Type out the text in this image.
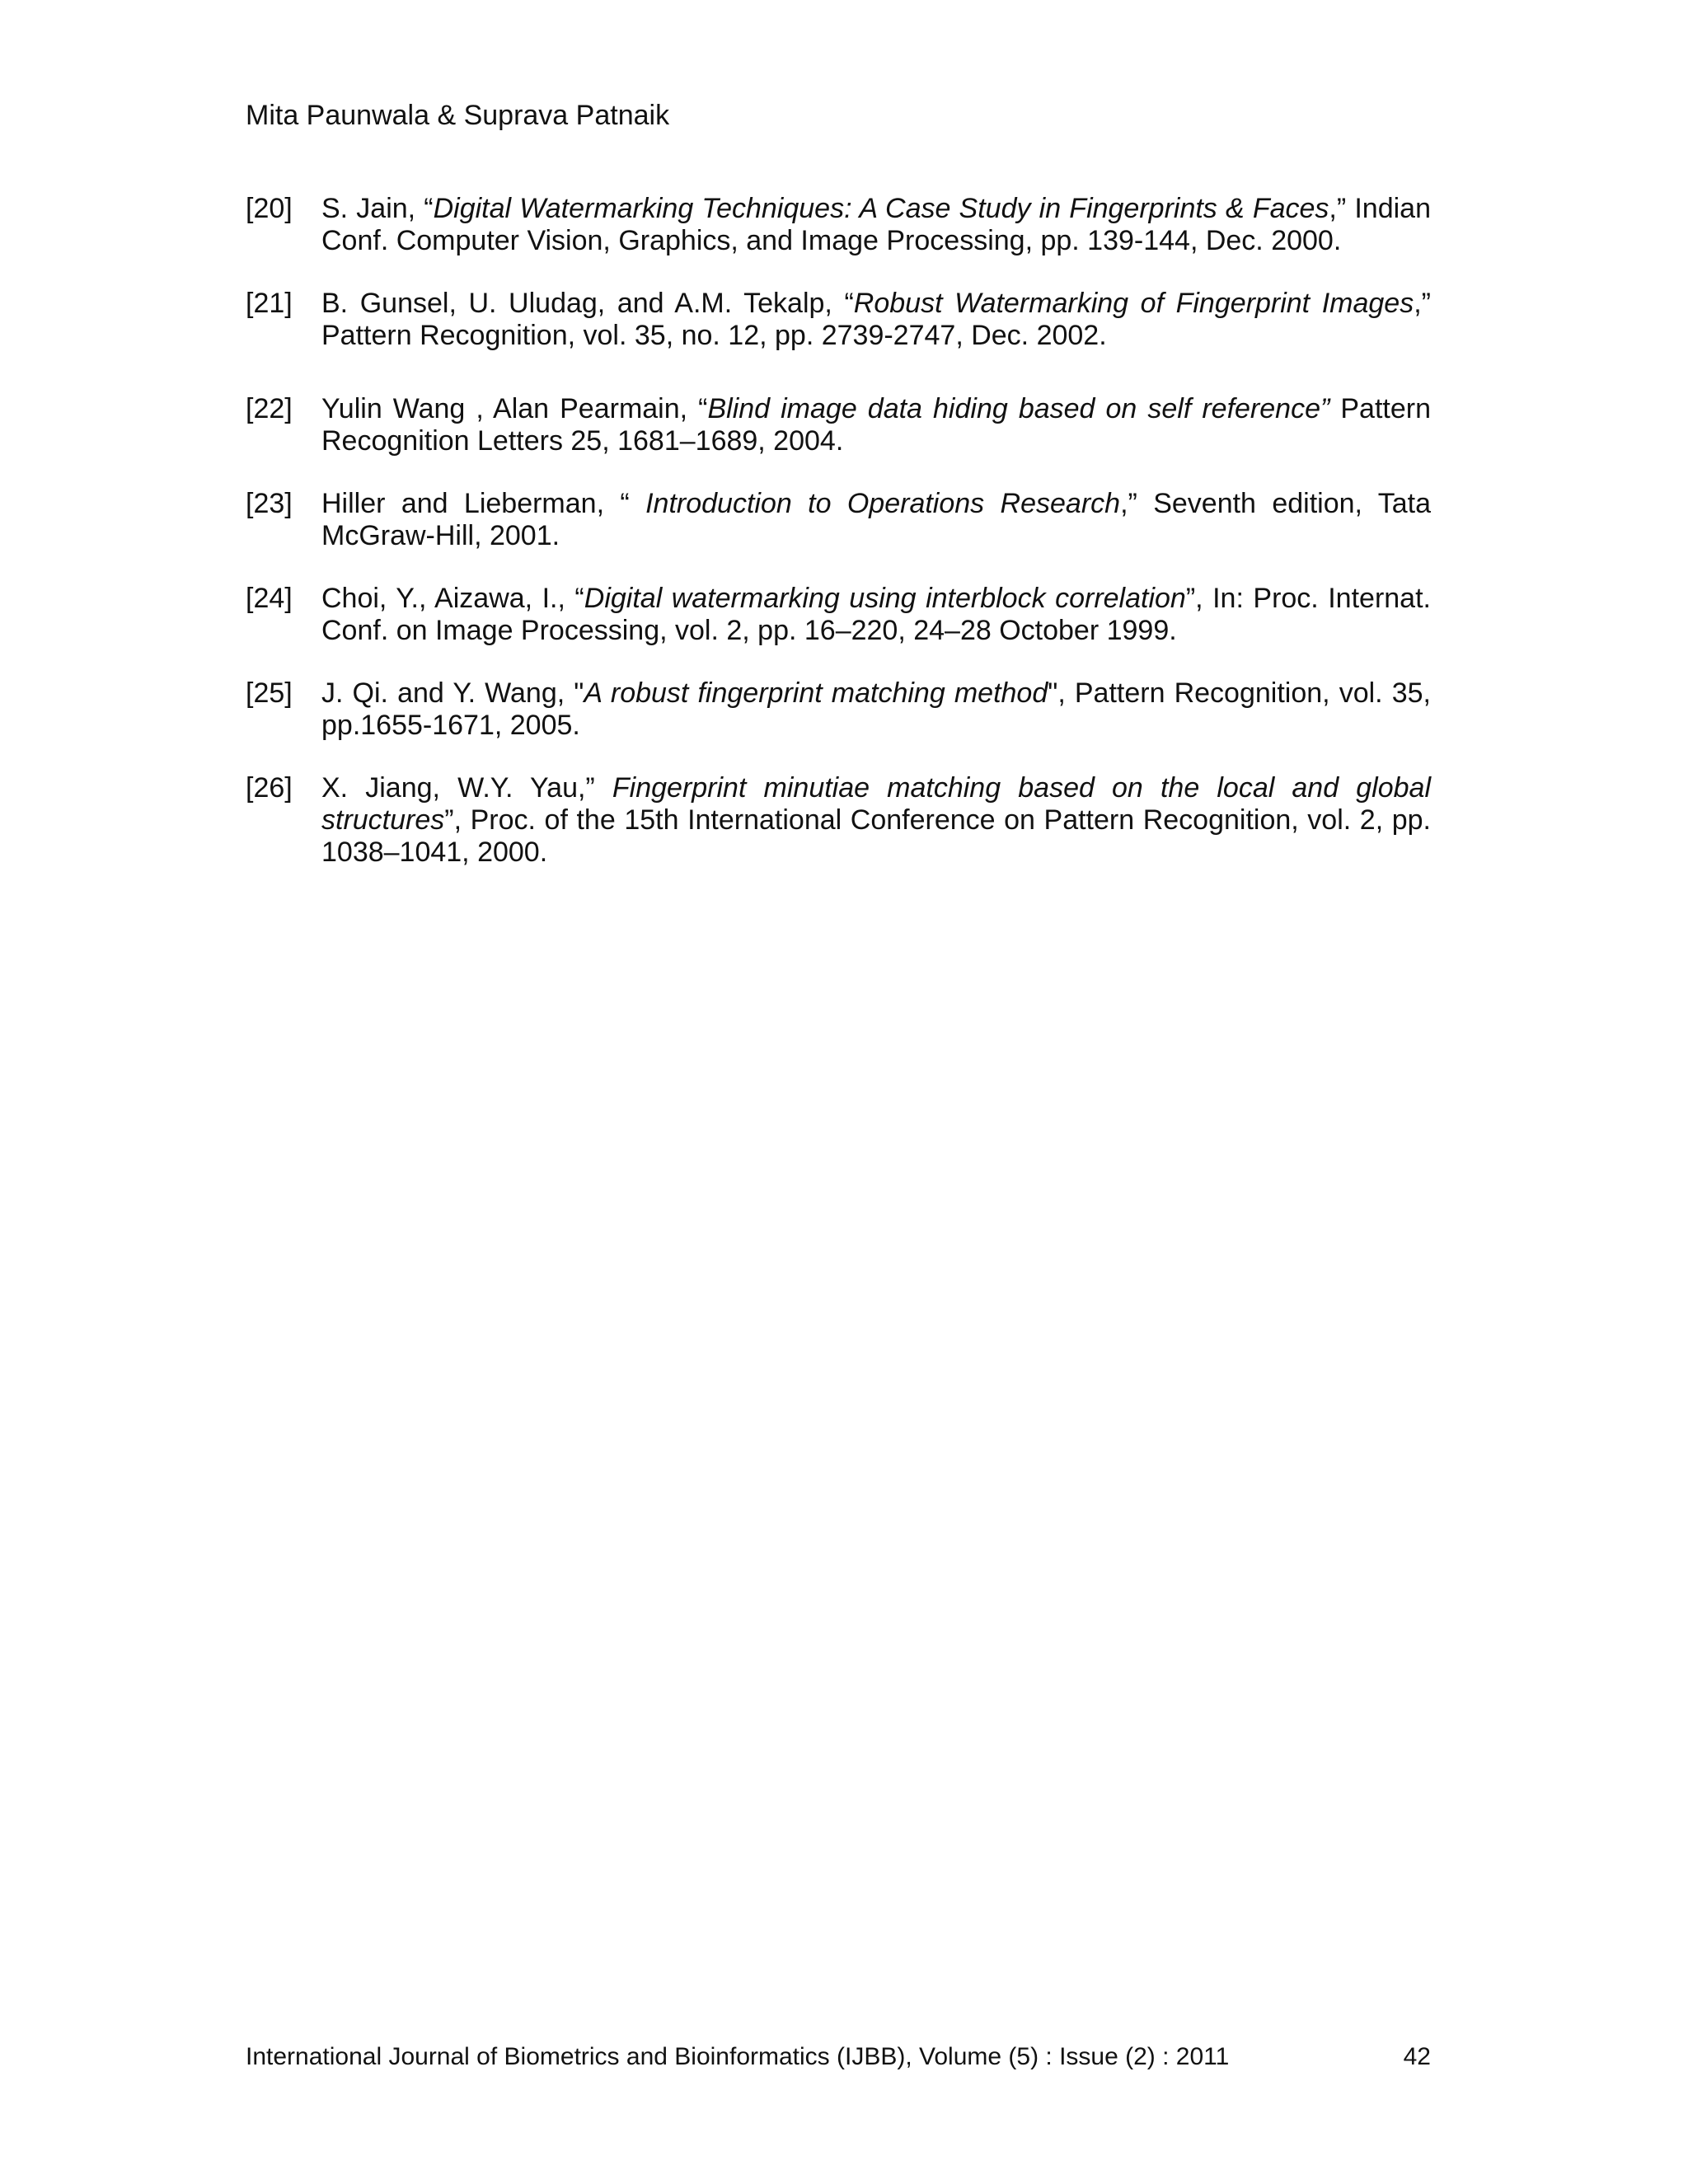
Mita Paunwala & Suprava Patnaik
[20] S. Jain, “Digital Watermarking Techniques: A Case Study in Fingerprints & Faces,” Indian Conf. Computer Vision, Graphics, and Image Processing, pp. 139-144, Dec. 2000.
[21] B. Gunsel, U. Uludag, and A.M. Tekalp, “Robust Watermarking of Fingerprint Images,” Pattern Recognition, vol. 35, no. 12, pp. 2739-2747, Dec. 2002.
[22] Yulin Wang , Alan Pearmain, “Blind image data hiding based on self reference” Pattern Recognition Letters 25, 1681–1689, 2004.
[23] Hiller and Lieberman, “ Introduction to Operations Research,” Seventh edition, Tata McGraw-Hill, 2001.
[24] Choi, Y., Aizawa, I., “Digital watermarking using interblock correlation”, In: Proc. Internat. Conf. on Image Processing, vol. 2, pp. 16–220, 24–28 October 1999.
[25] J. Qi. and Y. Wang, "A robust fingerprint matching method", Pattern Recognition, vol. 35, pp.1655-1671, 2005.
[26] X. Jiang, W.Y. Yau,” Fingerprint minutiae matching based on the local and global structures”, Proc. of the 15th International Conference on Pattern Recognition, vol. 2, pp. 1038–1041, 2000.
International Journal of Biometrics and Bioinformatics (IJBB), Volume (5) : Issue (2) : 2011	42
